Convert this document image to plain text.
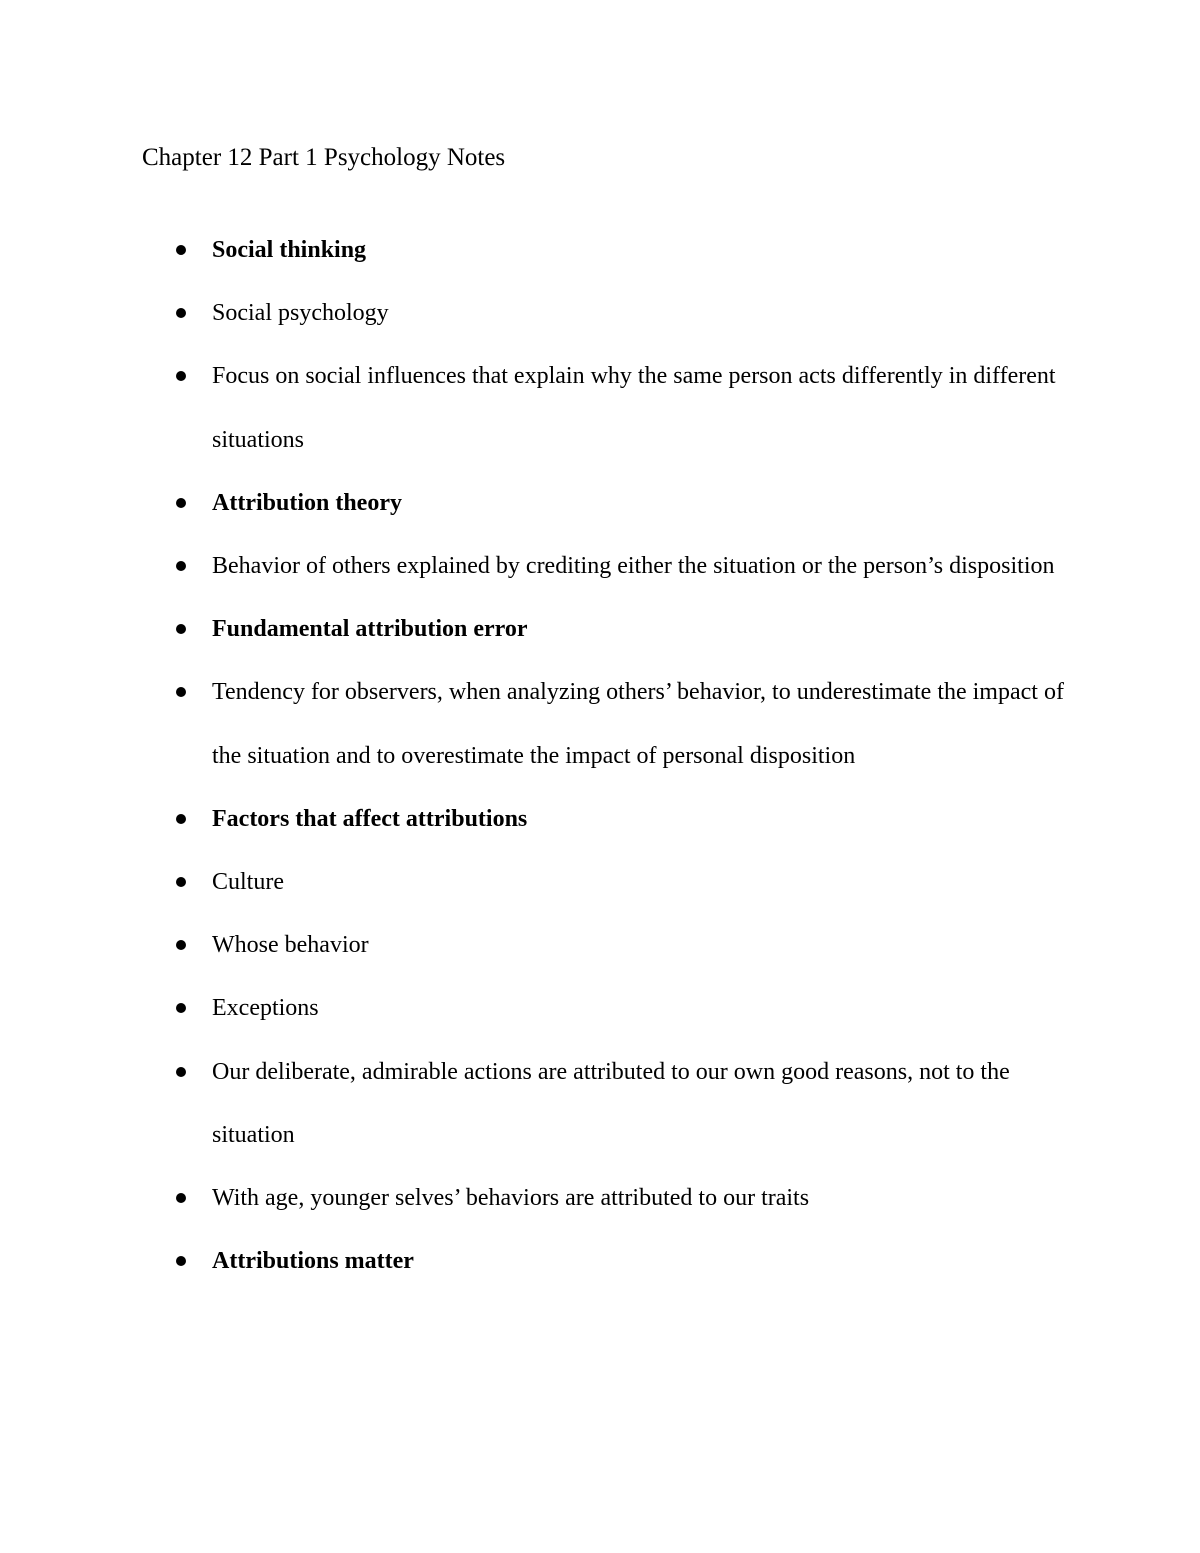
Chapter 12 Part 1 Psychology Notes
Social thinking
Social psychology
Focus on social influences that explain why the same person acts differently in different situations
Attribution theory
Behavior of others explained by crediting either the situation or the person’s disposition
Fundamental attribution error
Tendency for observers, when analyzing others’ behavior, to underestimate the impact of the situation and to overestimate the impact of personal disposition
Factors that affect attributions
Culture
Whose behavior
Exceptions
Our deliberate, admirable actions are attributed to our own good reasons, not to the situation
With age, younger selves’ behaviors are attributed to our traits
Attributions matter
